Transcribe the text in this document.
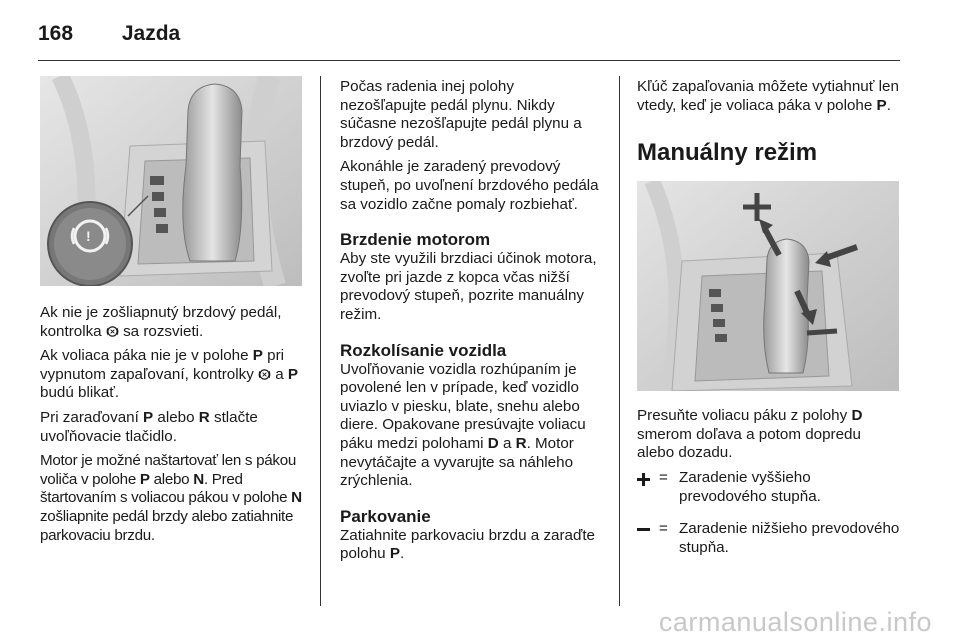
168 Jazda
!

Ak nie je zošliapnutý brzdový pedál, kontrolka  sa rozsvieti.

Ak voliaca páka nie je v polohe P pri vypnutom zapaľovaní, kontrolky  a P budú blikať.

Pri zaraďovaní P alebo R stlačte uvoľňovacie tlačidlo.

Motor je možné naštartovať len s pákou voliča v polohe P alebo N. Pred štartovaním s voliacou pákou v polohe N zošliapnite pedál brzdy alebo zatiahnite parkovaciu brzdu.

Počas radenia inej polohy nezošľapujte pedál plynu. Nikdy súčasne nezošľapujte pedál plynu a brzdový pedál.

Akonáhle je zaradený prevodový stupeň, po uvoľnení brzdového pedála sa vozidlo začne pomaly rozbiehať.

Brzdenie motorom

Aby ste využili brzdiaci účinok motora, zvoľte pri jazde z kopca včas nižší prevodový stupeň, pozrite manuálny režim.

Rozkolísanie vozidla

Uvoľňovanie vozidla rozhúpaním je povolené len v prípade, keď vozidlo uviazlo v piesku, blate, snehu alebo diere. Opakovane presúvajte voliacu páku medzi polohami D a R. Motor nevytáčajte a vyvarujte sa náhleho zrýchlenia.

Parkovanie

Zatiahnite parkovaciu brzdu a zaraďte polohu P.

Kľúč zapaľovania môžete vytiahnuť len vtedy, keď je voliaca páka v polohe P.

Manuálny režim

Presuňte voliacu páku z polohy D smerom doľava a potom dopredu alebo dozadu.

= Zaradenie vyššieho prevodového stupňa.
= Zaradenie nižšieho prevodového stupňa.
carmanualsonline.info
